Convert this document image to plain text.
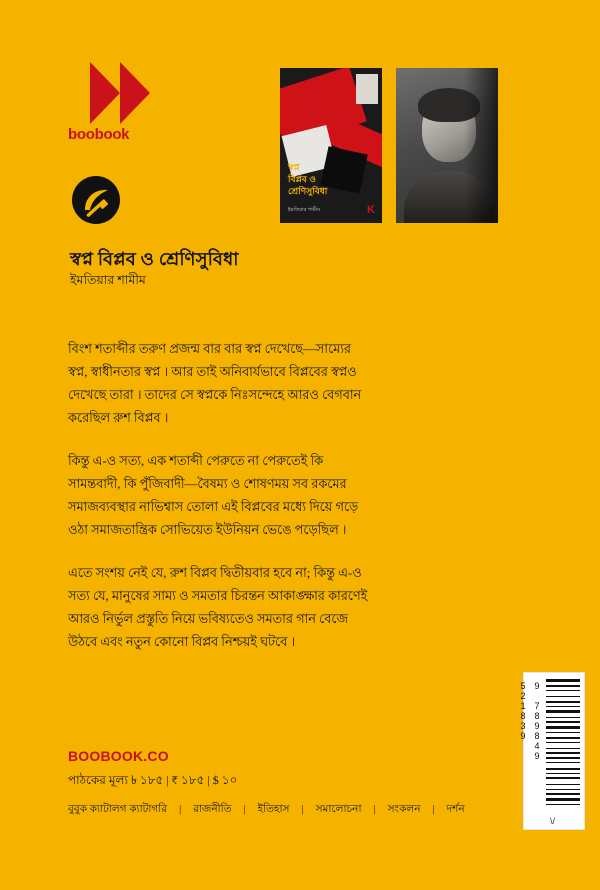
boobook
বুবুক
স্বপ্ন
বিপ্লব ও
শ্রেণিসুবিধা
ইমতিয়ার শামীম	K
স্বপ্ন বিপ্লব ও শ্রেণিসুবিধা
ইমতিয়ার শামীম

বিংশ শতাব্দীর তরুণ প্রজন্ম বার বার স্বপ্ন দেখেছে—সাম্যের স্বপ্ন, স্বাধীনতার স্বপ্ন । আর তাই অনিবার্যভাবে বিপ্লবের স্বপ্নও দেখেছে তারা । তাদের সে স্বপ্নকে নিঃসন্দেহে আরও বেগবান করেছিল রুশ বিপ্লব ।

কিন্তু এ-ও সত্য, এক শতাব্দী পেরুতে না পেরুতেই কি সামন্তবাদী, কি পুঁজিবাদী—বৈষম্য ও শোষণময় সব রকমের সমাজব্যবস্থার নাভিশ্বাস তোলা এই বিপ্লবের মধ্যে দিয়ে গড়ে ওঠা সমাজতান্ত্রিক সোভিয়েত ইউনিয়ন ভেঙে পড়েছিল ।

এতে সংশয় নেই যে, রুশ বিপ্লব দ্বিতীয়বার হবে না; কিন্তু এ-ও সত্য যে, মানুষের সাম্য ও সমতার চিরন্তন আকাঙ্ক্ষার কারণেই আরও নির্ভুল প্রস্তুতি নিয়ে ভবিষ্যতেও সমতার গান বেজে উঠবে এবং নতুন কোনো বিপ্লব নিশ্চয়ই ঘটবে ।

BOOBOOK.CO
পাঠকের মূল্য ৳ ১৮৫ | ₹ ১৮৫ | $ ১০
বুবুক ক্যাটালগ ক্যাটাগরি | রাজনীতি | ইতিহাস | সমালোচনা | সংকলন | দর্শন
9 789849 521839
\/
